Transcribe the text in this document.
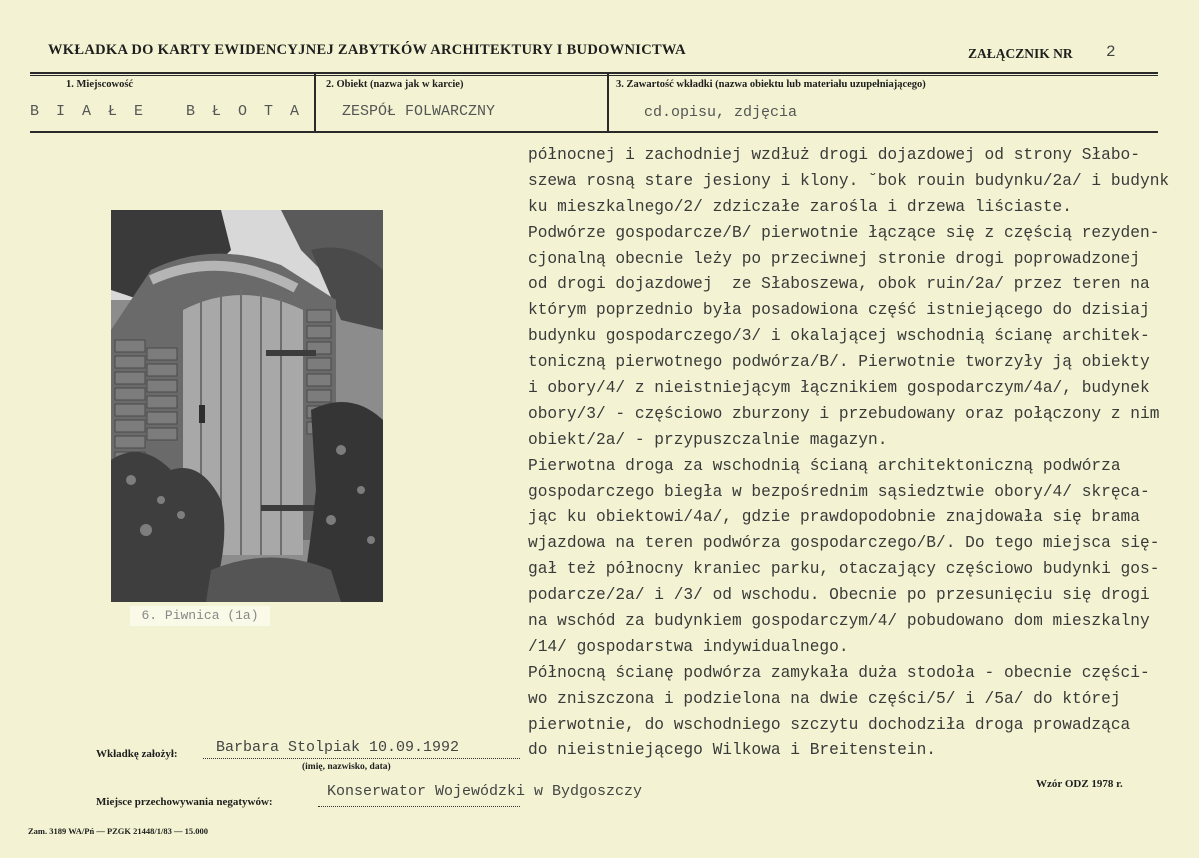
WKŁADKA DO KARTY EWIDENCYJNEJ ZABYTKÓW ARCHITEKTURY I BUDOWNICTWA	ZAŁĄCZNIK NR 2
1. Miejscowość
B I A Ł E   B Ł O T A
2. Obiekt (nazwa jak w karcie)
ZESPÓŁ FOLWARCZNY
3. Zawartość wkładki (nazwa obiektu lub materiału uzupełniającego)
cd.opisu, zdjęcia
6. Piwnica (1a)
północnej i zachodniej wzdłuż drogi dojazdowej od strony Słabo-
szewa rosną stare jesiony i klony. ˘bok rouin budynku/2a/ i budynk
ku mieszkalnego/2/ zdziczałe zarośla i drzewa liściaste.
Podwórze gospodarcze/B/ pierwotnie łączące się z częścią rezyden-
cjonalną obecnie leży po przeciwnej stronie drogi poprowadzonej
od drogi dojazdowej  ze Słaboszewa, obok ruin/2a/ przez teren na
którym poprzednio była posadowiona część istniejącego do dzisiaj
budynku gospodarczego/3/ i okalającej wschodnią ścianę architek-
toniczną pierwotnego podwórza/B/. Pierwotnie tworzyły ją obiekty
i obory/4/ z nieistniejącym łącznikiem gospodarczym/4a/, budynek
obory/3/ - częściowo zburzony i przebudowany oraz połączony z nim
obiekt/2a/ - przypuszczalnie magazyn.
Pierwotna droga za wschodnią ścianą architektoniczną podwórza
gospodarczego biegła w bezpośrednim sąsiedztwie obory/4/ skręca-
jąc ku obiektowi/4a/, gdzie prawdopodobnie znajdowała się brama
wjazdowa na teren podwórza gospodarczego/B/. Do tego miejsca się-
gał też północny kraniec parku, otaczający częściowo budynki gos-
podarcze/2a/ i /3/ od wschodu. Obecnie po przesunięciu się drogi
na wschód za budynkiem gospodarczym/4/ pobudowano dom mieszkalny
/14/ gospodarstwa indywidualnego.
Północną ścianę podwórza zamykała duża stodoła - obecnie części-
wo zniszczona i podzielona na dwie części/5/ i /5a/ do której
pierwotnie, do wschodniego szczytu dochodziła droga prowadząca
do nieistniejącego Wilkowa i Breitenstein.
Wkładkę założył:	Barbara Stolpiak 10.09.1992
(imię, nazwisko, data)
Miejsce przechowywania negatywów:
Konserwator Wojewódzki w Bydgoszczy	Wzór ODZ 1978 r.
Zam. 3189 WA/Pń — PZGK 21448/1/83 — 15.000
